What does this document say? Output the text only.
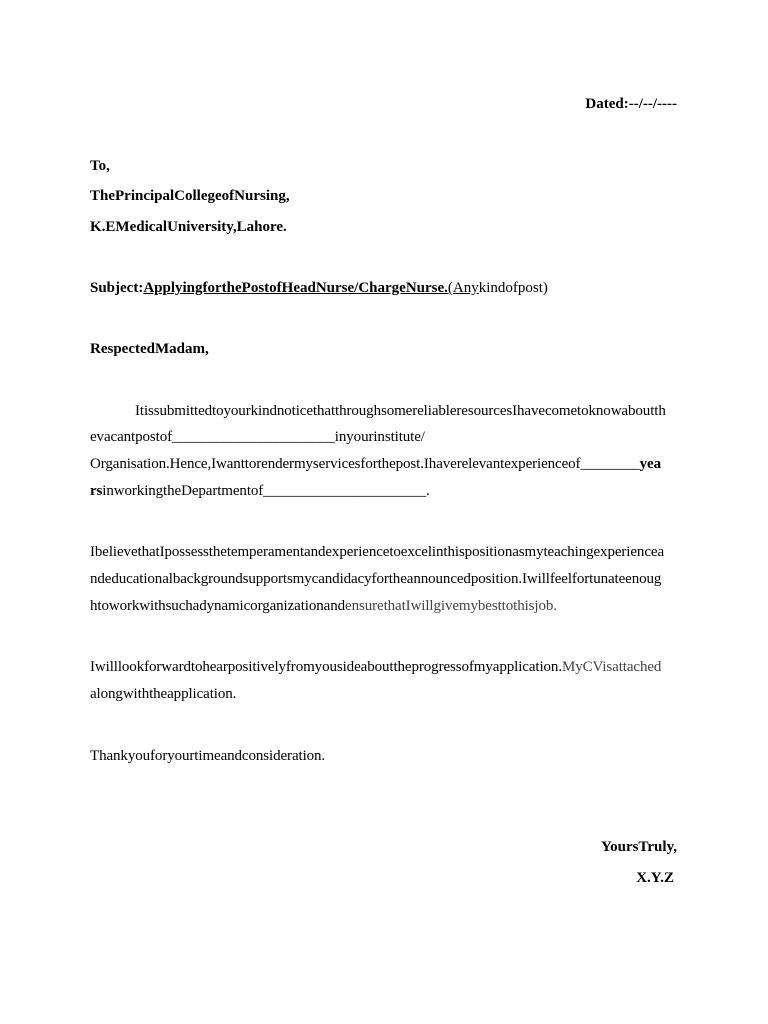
Dated:--/--/----
To,
ThePrincipalCollegeofNursing,
K.EMedicalUniversity,Lahore.
Subject:ApplyingforthePostofHeadNurse/ChargeNurse.(Anykindofpost)
RespectedMadam,
ItissubmittedtoyourkindnoticethatthroughsomereliableresourcesIhavecometoknowaboutth
evacantpostof______________________inyourinstitute/
Organisation.Hence,Iwanttorendermyservicesforthepost.Ihaverelevantexperienceof________yea
rsinworkingtheDepartmentof______________________.
IbelievethatIpossessthetemperamentandexperiencetoexcelinthispositionasmyteachingexperiencea
ndeducationalbackgroundsupportsmycandidacyfortheannouncedposition.Iwillfeelfortunateenoug
htoworkwithsuchadynamicorganizationandensurethatIwillgivemybesttothisjob.
Iwilllookforwardtohearpositivelyfromyousideabouttheprogressofmyapplication.MyCVisattached
alongwiththeapplication.
Thankyouforyourtimeandconsideration.
YoursTruly,
X.Y.Z
